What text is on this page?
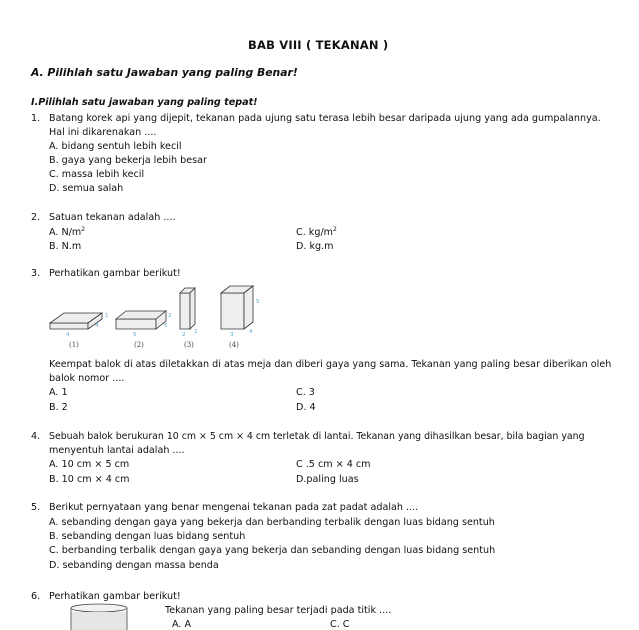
BAB VIII ( TEKANAN )
A. Pilihlah satu Jawaban yang paling Benar!
I.Pilihlah satu jawaban yang paling tepat!
1. Batang korek api yang dijepit, tekanan pada ujung satu terasa lebih besar daripada ujung yang ada gumpalannya.
Hal ini dikarenakan ....
A. bidang sentuh lebih kecil
B. gaya yang bekerja lebih besar
C. massa lebih kecil
D. semua salah
2. Satuan tekanan adalah ....
A. $N/m^2$	C. $kg/m^2$
B. N.m	D. kg.m
3. Perhatikan gambar berikut!
4
1
4
5
2
5
2 2	3	4
5
(1)	(2)	(3)	(4)
Keempat balok di atas diletakkan di atas meja dan diberi gaya yang sama. Tekanan yang paling besar diberikan oleh
balok nomor ....
A. 1	C. 3
B. 2	D. 4
4. Sebuah balok berukuran 10 cm × 5 cm × 4 cm terletak di lantai. Tekanan yang dihasilkan besar, bila bagian yang
menyentuh lantai adalah ....
A. 10 cm × 5 cm	C .5 cm × 4 cm
B. 10 cm × 4 cm	D.paling luas
5. Berikut pernyataan yang benar mengenai tekanan pada zat padat adalah ....
A. sebanding dengan gaya yang bekerja dan berbanding terbalik dengan luas bidang sentuh
B. sebanding dengan luas bidang sentuh
C. berbanding terbalik dengan gaya yang bekerja dan sebanding dengan luas bidang sentuh
D. sebanding dengan massa benda
6. Perhatikan gambar berikut!
Tekanan yang paling besar terjadi pada titik ....
A. A	C. C
